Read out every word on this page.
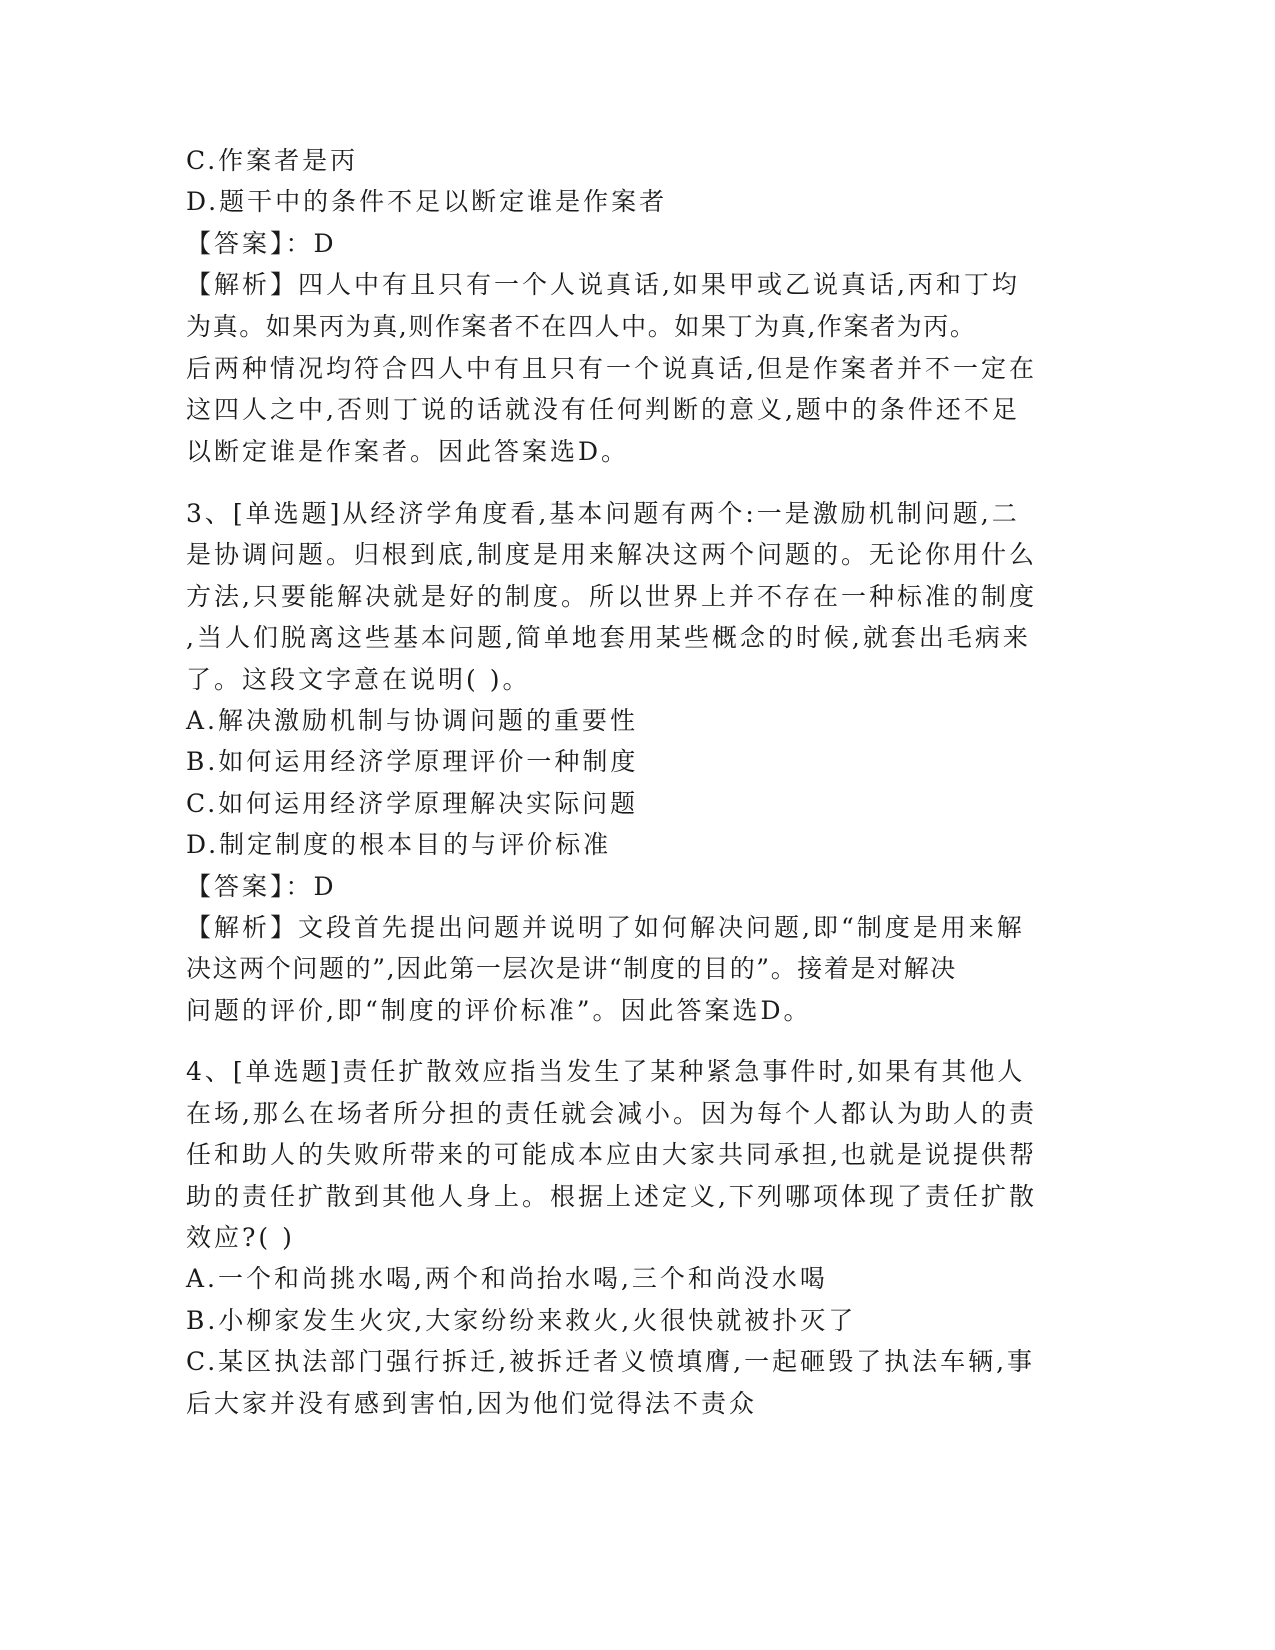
C.作案者是丙
D.题干中的条件不足以断定谁是作案者
【答案】：D
【解析】四人中有且只有一个人说真话,如果甲或乙说真话,丙和丁均
为真。如果丙为真,则作案者不在四人中。如果丁为真,作案者为丙。
后两种情况均符合四人中有且只有一个说真话,但是作案者并不一定在
这四人之中,否则丁说的话就没有任何判断的意义,题中的条件还不足
以断定谁是作案者。因此答案选D。
3、[单选题]从经济学角度看,基本问题有两个:一是激励机制问题,二
是协调问题。归根到底,制度是用来解决这两个问题的。无论你用什么
方法,只要能解决就是好的制度。所以世界上并不存在一种标准的制度
,当人们脱离这些基本问题,简单地套用某些概念的时候,就套出毛病来
了。这段文字意在说明( )。
A.解决激励机制与协调问题的重要性
B.如何运用经济学原理评价一种制度
C.如何运用经济学原理解决实际问题
D.制定制度的根本目的与评价标准
【答案】：D
【解析】文段首先提出问题并说明了如何解决问题,即“制度是用来解
决这两个问题的”,因此第一层次是讲“制度的目的”。接着是对解决
问题的评价,即“制度的评价标准”。因此答案选D。
4、[单选题]责任扩散效应指当发生了某种紧急事件时,如果有其他人
在场,那么在场者所分担的责任就会减小。因为每个人都认为助人的责
任和助人的失败所带来的可能成本应由大家共同承担,也就是说提供帮
助的责任扩散到其他人身上。根据上述定义,下列哪项体现了责任扩散
效应?( )
A.一个和尚挑水喝,两个和尚抬水喝,三个和尚没水喝
B.小柳家发生火灾,大家纷纷来救火,火很快就被扑灭了
C.某区执法部门强行拆迁,被拆迁者义愤填膺,一起砸毁了执法车辆,事
后大家并没有感到害怕,因为他们觉得法不责众
